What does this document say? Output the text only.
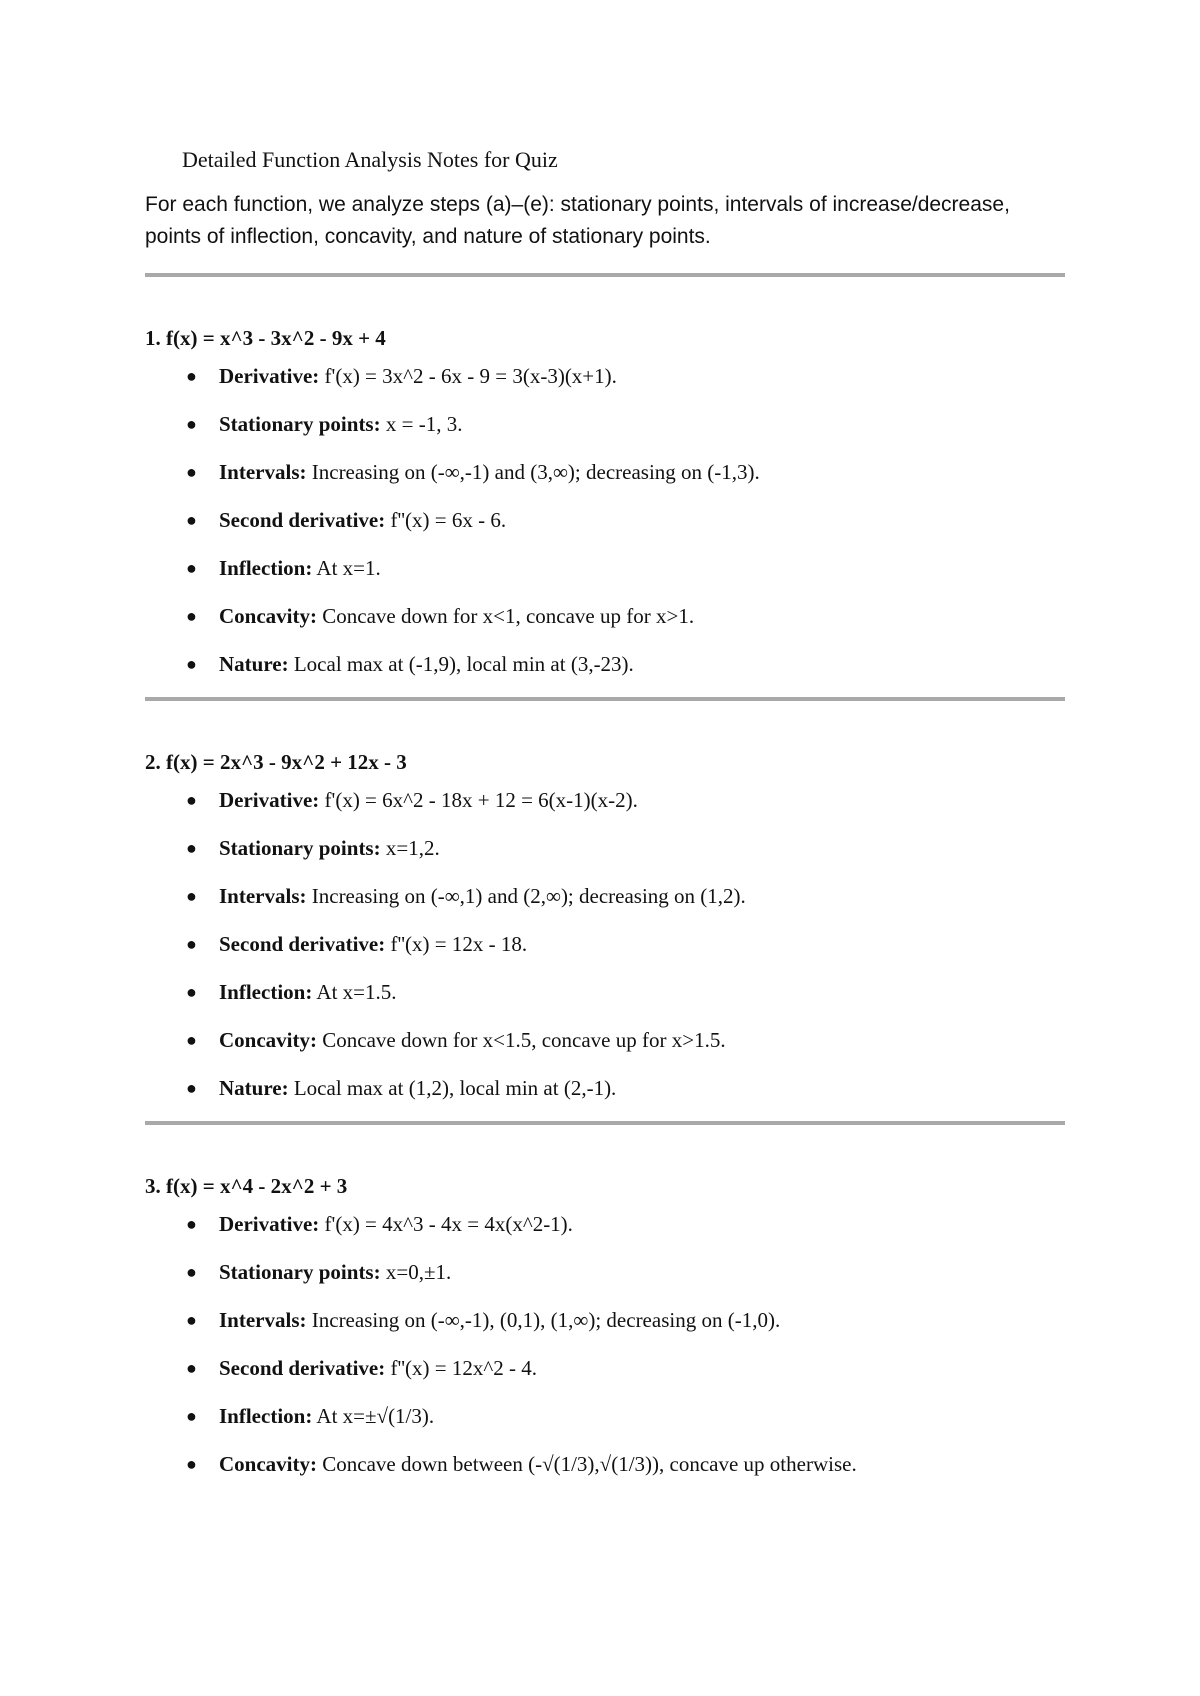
Detailed Function Analysis Notes for Quiz

For each function, we analyze steps (a)–(e): stationary points, intervals of increase/decrease, points of inflection, concavity, and nature of stationary points.

1. f(x) = x^3 - 3x^2 - 9x + 4
● Derivative: f'(x) = 3x^2 - 6x - 9 = 3(x-3)(x+1).
● Stationary points: x = -1, 3.
● Intervals: Increasing on (-∞,-1) and (3,∞); decreasing on (-1,3).
● Second derivative: f''(x) = 6x - 6.
● Inflection: At x=1.
● Concavity: Concave down for x<1, concave up for x>1.
● Nature: Local max at (-1,9), local min at (3,-23).
2. f(x) = 2x^3 - 9x^2 + 12x - 3
● Derivative: f'(x) = 6x^2 - 18x + 12 = 6(x-1)(x-2).
● Stationary points: x=1,2.
● Intervals: Increasing on (-∞,1) and (2,∞); decreasing on (1,2).
● Second derivative: f''(x) = 12x - 18.
● Inflection: At x=1.5.
● Concavity: Concave down for x<1.5, concave up for x>1.5.
● Nature: Local max at (1,2), local min at (2,-1).
3. f(x) = x^4 - 2x^2 + 3
● Derivative: f'(x) = 4x^3 - 4x = 4x(x^2-1).
● Stationary points: x=0,±1.
● Intervals: Increasing on (-∞,-1), (0,1), (1,∞); decreasing on (-1,0).
● Second derivative: f''(x) = 12x^2 - 4.
● Inflection: At x=±√(1/3).
● Concavity: Concave down between (-√(1/3),√(1/3)), concave up otherwise.
